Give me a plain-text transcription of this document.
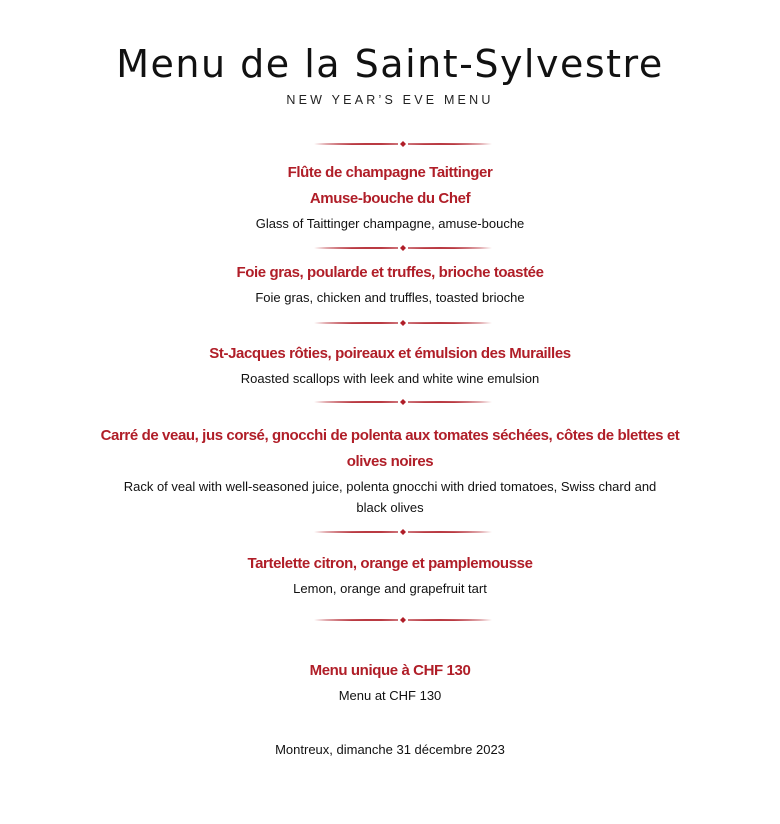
Menu de la Saint-Sylvestre
NEW YEAR’S EVE MENU
Flûte de champagne Taittinger
Amuse-bouche du Chef
Glass of Taittinger champagne, amuse-bouche
Foie gras, poularde et truffes, brioche toastée
Foie gras, chicken and truffles, toasted brioche
St-Jacques rôties, poireaux et émulsion des Murailles
Roasted scallops with leek and white wine emulsion
Carré de veau, jus corsé, gnocchi de polenta aux tomates séchées, côtes de blettes et
olives noires
Rack of veal with well-seasoned juice, polenta gnocchi with dried tomatoes, Swiss chard and
black olives
Tartelette citron, orange et pamplemousse
Lemon, orange and grapefruit tart
Menu unique à CHF 130
Menu at CHF 130
Montreux, dimanche 31 décembre 2023
